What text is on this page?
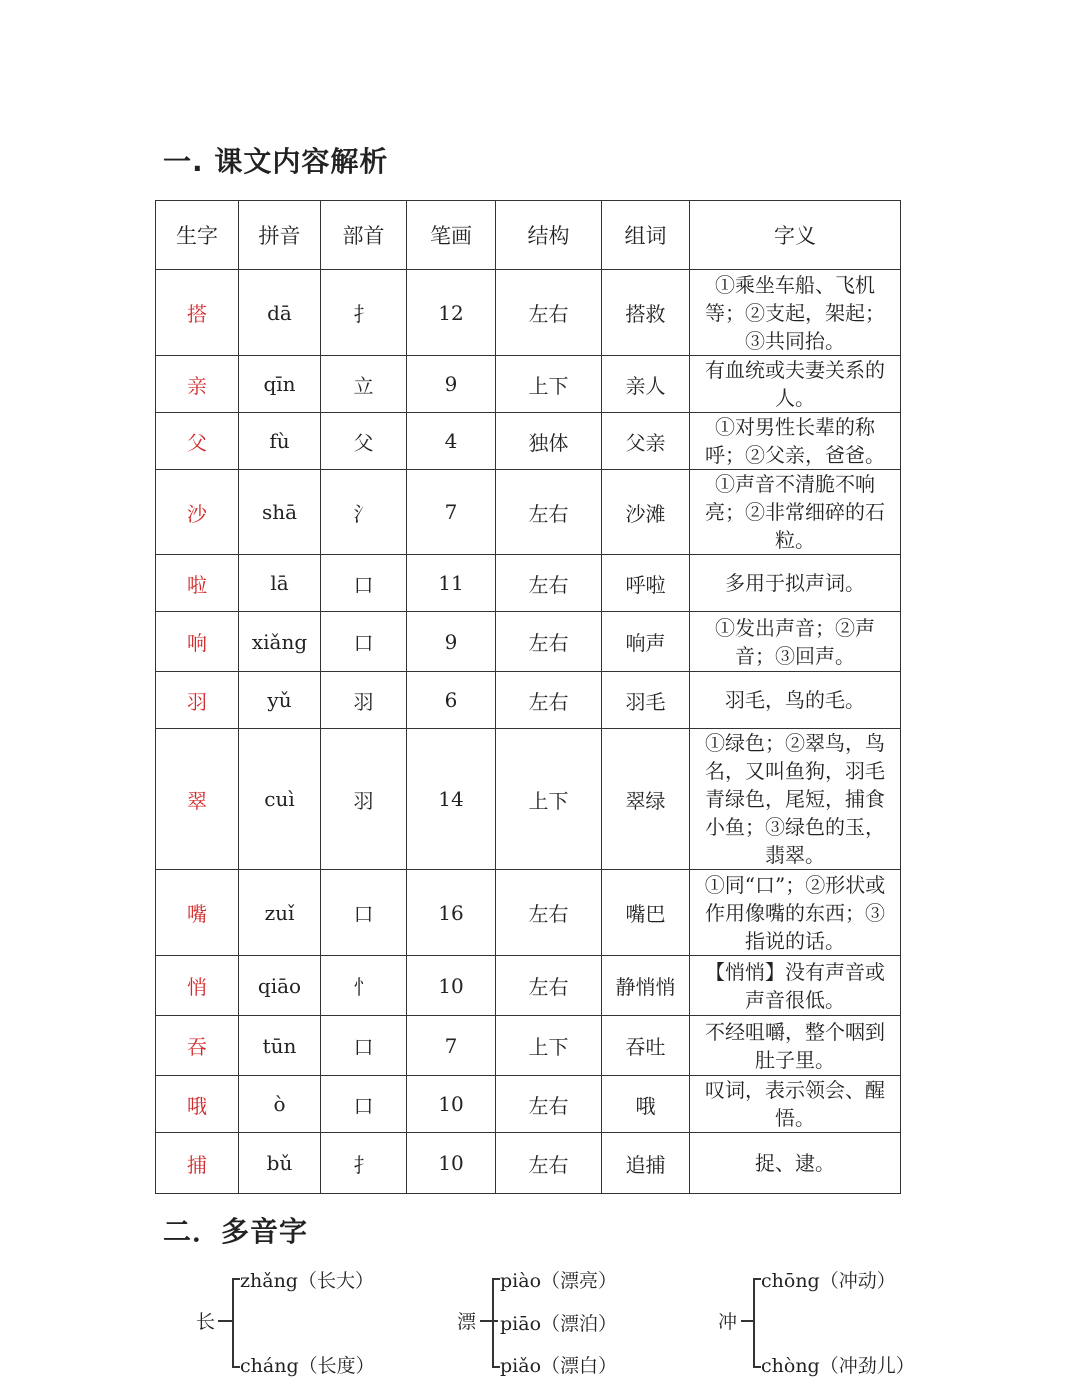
一. 课文内容解析
生字	拼音	部首	笔画	结构	组词	字义
搭	dā	扌	12	左右	搭救	①乘坐车船、飞机等；②支起，架起；③共同抬。
亲	qīn	立	9	上下	亲人	有血统或夫妻关系的人。
父	fù	父	4	独体	父亲	①对男性长辈的称呼；②父亲，爸爸。
沙	shā	氵	7	左右	沙滩	①声音不清脆不响亮；②非常细碎的石粒。
啦	lā	口	11	左右	呼啦	多用于拟声词。
响	xiǎng	口	9	左右	响声	①发出声音；②声音；③回声。
羽	yǔ	羽	6	左右	羽毛	羽毛，鸟的毛。
翠	cuì	羽	14	上下	翠绿	①绿色；②翠鸟，鸟名，又叫鱼狗，羽毛青绿色，尾短，捕食小鱼；③绿色的玉，翡翠。
嘴	zuǐ	口	16	左右	嘴巴	①同“口”；②形状或作用像嘴的东西；③指说的话。
悄	qiāo	忄	10	左右	静悄悄	【悄悄】没有声音或声音很低。
吞	tūn	口	7	上下	吞吐	不经咀嚼，整个咽到肚子里。
哦	ò	口	10	左右	哦	叹词，表示领会、醒悟。
捕	bǔ	扌	10	左右	追捕	捉、逮。
二．多音字
长
zhǎng（长大）
cháng（长度）
漂
piào（漂亮）
piāo（漂泊）
piǎo（漂白）
冲
chōng（冲动）
chòng（冲劲儿）
